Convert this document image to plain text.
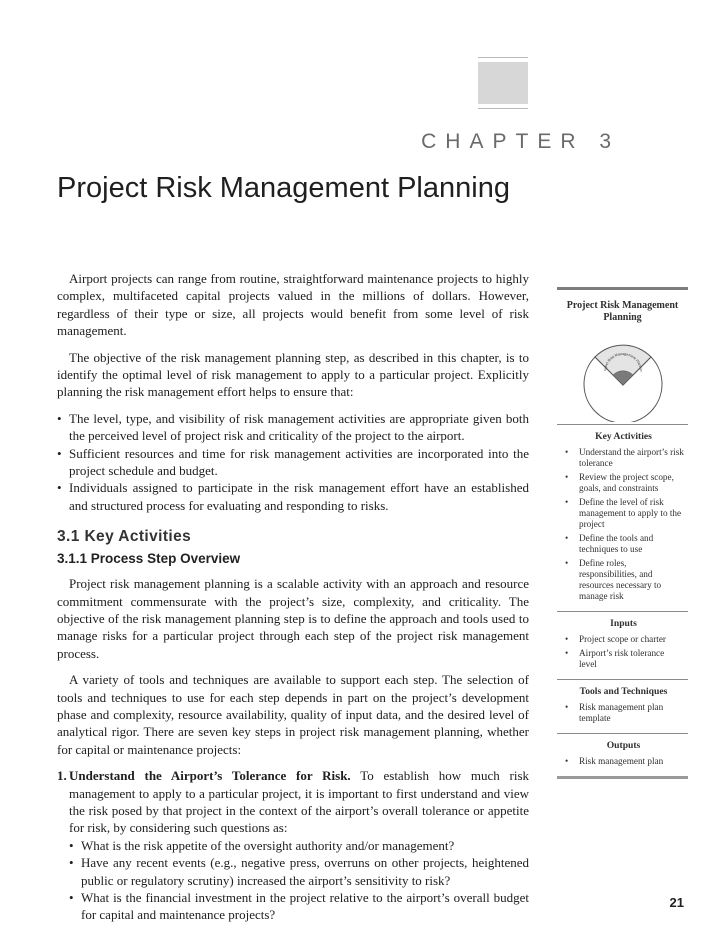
CHAPTER 3
Project Risk Management Planning

Airport projects can range from routine, straightforward maintenance projects to highly complex, multifaceted capital projects valued in the millions of dollars. However, regardless of their type or size, all projects would benefit from some level of risk management.

The objective of the risk management planning step, as described in this chapter, is to identify the optimal level of risk management to apply to a particular project. Explicitly planning the risk management effort helps to ensure that:

• The level, type, and visibility of risk management activities are appropriate given both the perceived level of project risk and criticality of the project to the airport.
• Sufficient resources and time for risk management activities are incorporated into the project schedule and budget.
• Individuals assigned to participate in the risk management effort have an established and structured process for evaluating and responding to risks.
3.1 Key Activities
3.1.1 Process Step Overview

Project risk management planning is a scalable activity with an approach and resource commitment commensurate with the project’s size, complexity, and criticality. The objective of the risk management planning step is to define the approach and tools used to manage risks for a particular project through each step of the project risk management process.

A variety of tools and techniques are available to support each step. The selection of tools and techniques to use for each step depends in part on the project’s development phase and complexity, resource availability, quality of input data, and the desired level of analytical rigor. There are seven key steps in project risk management planning, whether for capital or maintenance projects:

1. Understand the Airport’s Tolerance for Risk. To establish how much risk management to apply to a particular project, it is important to first understand and view the risk posed by that project in the context of the airport’s overall tolerance or appetite for risk, by considering such questions as:
• What is the risk appetite of the oversight authority and/or management?
• Have any recent events (e.g., negative press, overruns on other projects, heightened public or regulatory scrutiny) increased the airport’s sensitivity to risk?
• What is the financial investment in the project relative to the airport’s overall budget for capital and maintenance projects?
Project Risk Management Planning
roject Risk Management Plannin
Key Activities
• Understand the airport’s risk tolerance
• Review the project scope, goals, and constraints
• Define the level of risk management to apply to the project
• Define the tools and techniques to use
• Define roles, responsibilities, and resources necessary to manage risk
Inputs
• Project scope or charter
• Airport’s risk tolerance level
Tools and Techniques
• Risk management plan template
Outputs
• Risk management plan
21
